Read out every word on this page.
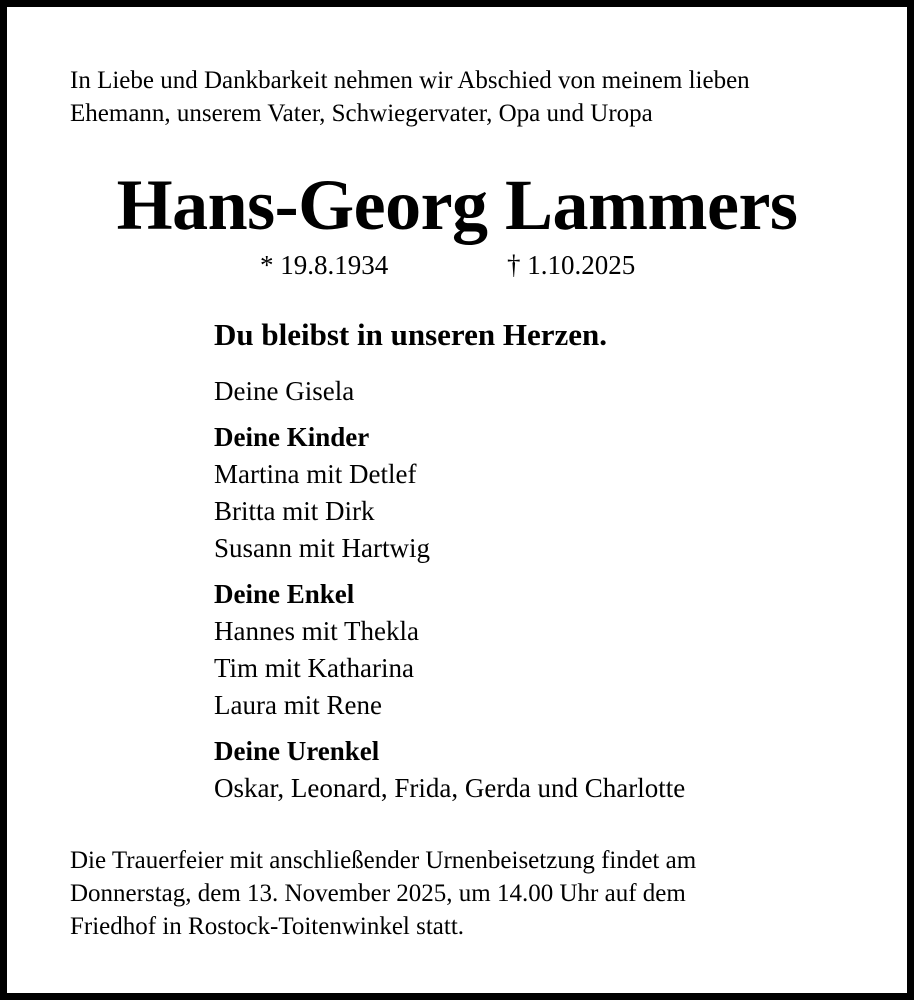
In Liebe und Dankbarkeit nehmen wir Abschied von meinem lieben
Ehemann, unserem Vater, Schwiegervater, Opa und Uropa
Hans-Georg Lammers
* 19.8.1934	† 1.10.2025
Du bleibst in unseren Herzen.
Deine Gisela
Deine Kinder
Martina mit Detlef
Britta mit Dirk
Susann mit Hartwig
Deine Enkel
Hannes mit Thekla
Tim mit Katharina
Laura mit Rene
Deine Urenkel
Oskar, Leonard, Frida, Gerda und Charlotte
Die Trauerfeier mit anschließender Urnenbeisetzung findet am
Donnerstag, dem 13. November 2025, um 14.00 Uhr auf dem
Friedhof in Rostock-Toitenwinkel statt.
